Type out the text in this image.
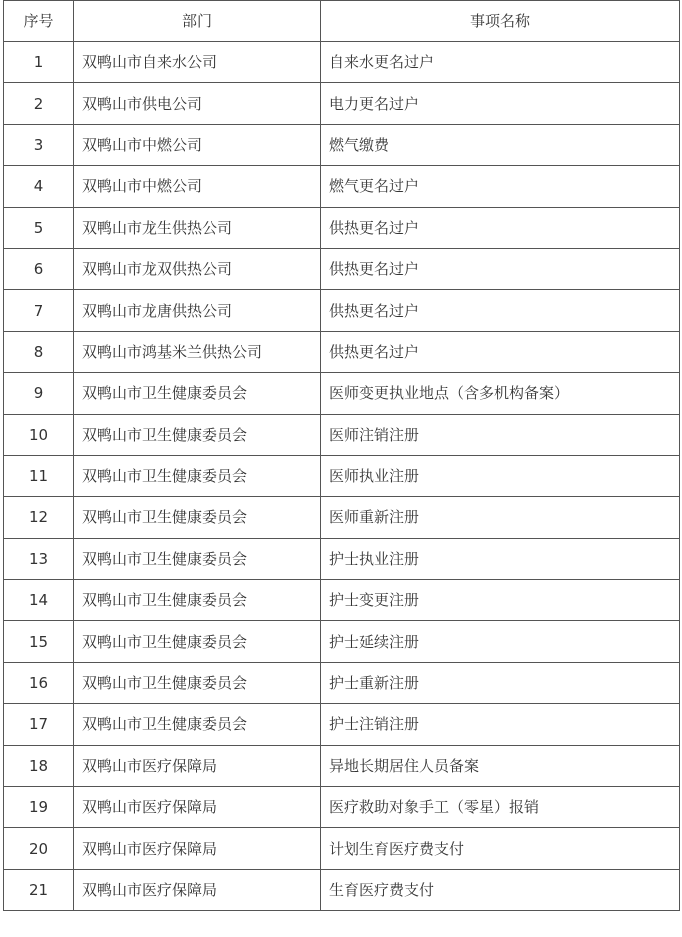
序号	部门	事项名称
1	双鸭山市自来水公司	自来水更名过户
2	双鸭山市供电公司	电力更名过户
3	双鸭山市中燃公司	燃气缴费
4	双鸭山市中燃公司	燃气更名过户
5	双鸭山市龙生供热公司	供热更名过户
6	双鸭山市龙双供热公司	供热更名过户
7	双鸭山市龙唐供热公司	供热更名过户
8	双鸭山市鸿基米兰供热公司	供热更名过户
9	双鸭山市卫生健康委员会	医师变更执业地点（含多机构备案）
10	双鸭山市卫生健康委员会	医师注销注册
11	双鸭山市卫生健康委员会	医师执业注册
12	双鸭山市卫生健康委员会	医师重新注册
13	双鸭山市卫生健康委员会	护士执业注册
14	双鸭山市卫生健康委员会	护士变更注册
15	双鸭山市卫生健康委员会	护士延续注册
16	双鸭山市卫生健康委员会	护士重新注册
17	双鸭山市卫生健康委员会	护士注销注册
18	双鸭山市医疗保障局	异地长期居住人员备案
19	双鸭山市医疗保障局	医疗救助对象手工（零星）报销
20	双鸭山市医疗保障局	计划生育医疗费支付
21	双鸭山市医疗保障局	生育医疗费支付
